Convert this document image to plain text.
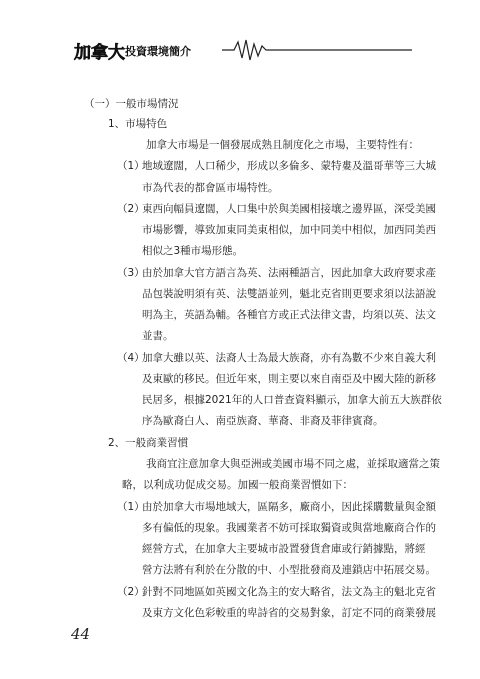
加拿大 投資環境簡介
（一）一般市場情況
1、市場特色
加拿大市場是一個發展成熟且制度化之市場，主要特性有：
（1）
地域遼闊，人口稀少，形成以多倫多、蒙特婁及溫哥華等三大城
市為代表的都會區市場特性。
（2）
東西向幅員遼闊，人口集中於與美國相接壤之邊界區，深受美國
市場影響，導致加東同美東相似，加中同美中相似，加西同美西
相似之3種市場形態。
（3）
由於加拿大官方語言為英、法兩種語言，因此加拿大政府要求產
品包裝說明須有英、法雙語並列，魁北克省則更要求須以法語說
明為主，英語為輔。各種官方或正式法律文書，均須以英、法文
並書。
（4）
加拿大雖以英、法裔人士為最大族裔，亦有為數不少來自義大利
及東歐的移民。但近年來，則主要以來自南亞及中國大陸的新移
民居多，根據2021年的人口普查資料顯示，加拿大前五大族群依
序為歐裔白人、南亞族裔、華裔、非裔及菲律賓裔。
2、一般商業習慣
我商宜注意加拿大與亞洲或美國市場不同之處，並採取適當之策
略，以利成功促成交易。加國一般商業習慣如下：
（1）
由於加拿大市場地域大，區隔多，廠商小，因此採購數量與金額
多有偏低的現象。我國業者不妨可採取獨資或與當地廠商合作的
經營方式，在加拿大主要城市設置發貨倉庫或行銷據點，將經
營方法將有利於在分散的中、小型批發商及連鎖店中拓展交易。
（2）
針對不同地區如英國文化為主的安大略省，法文為主的魁北克省
及東方文化色彩較重的卑詩省的交易對象，訂定不同的商業發展
44
